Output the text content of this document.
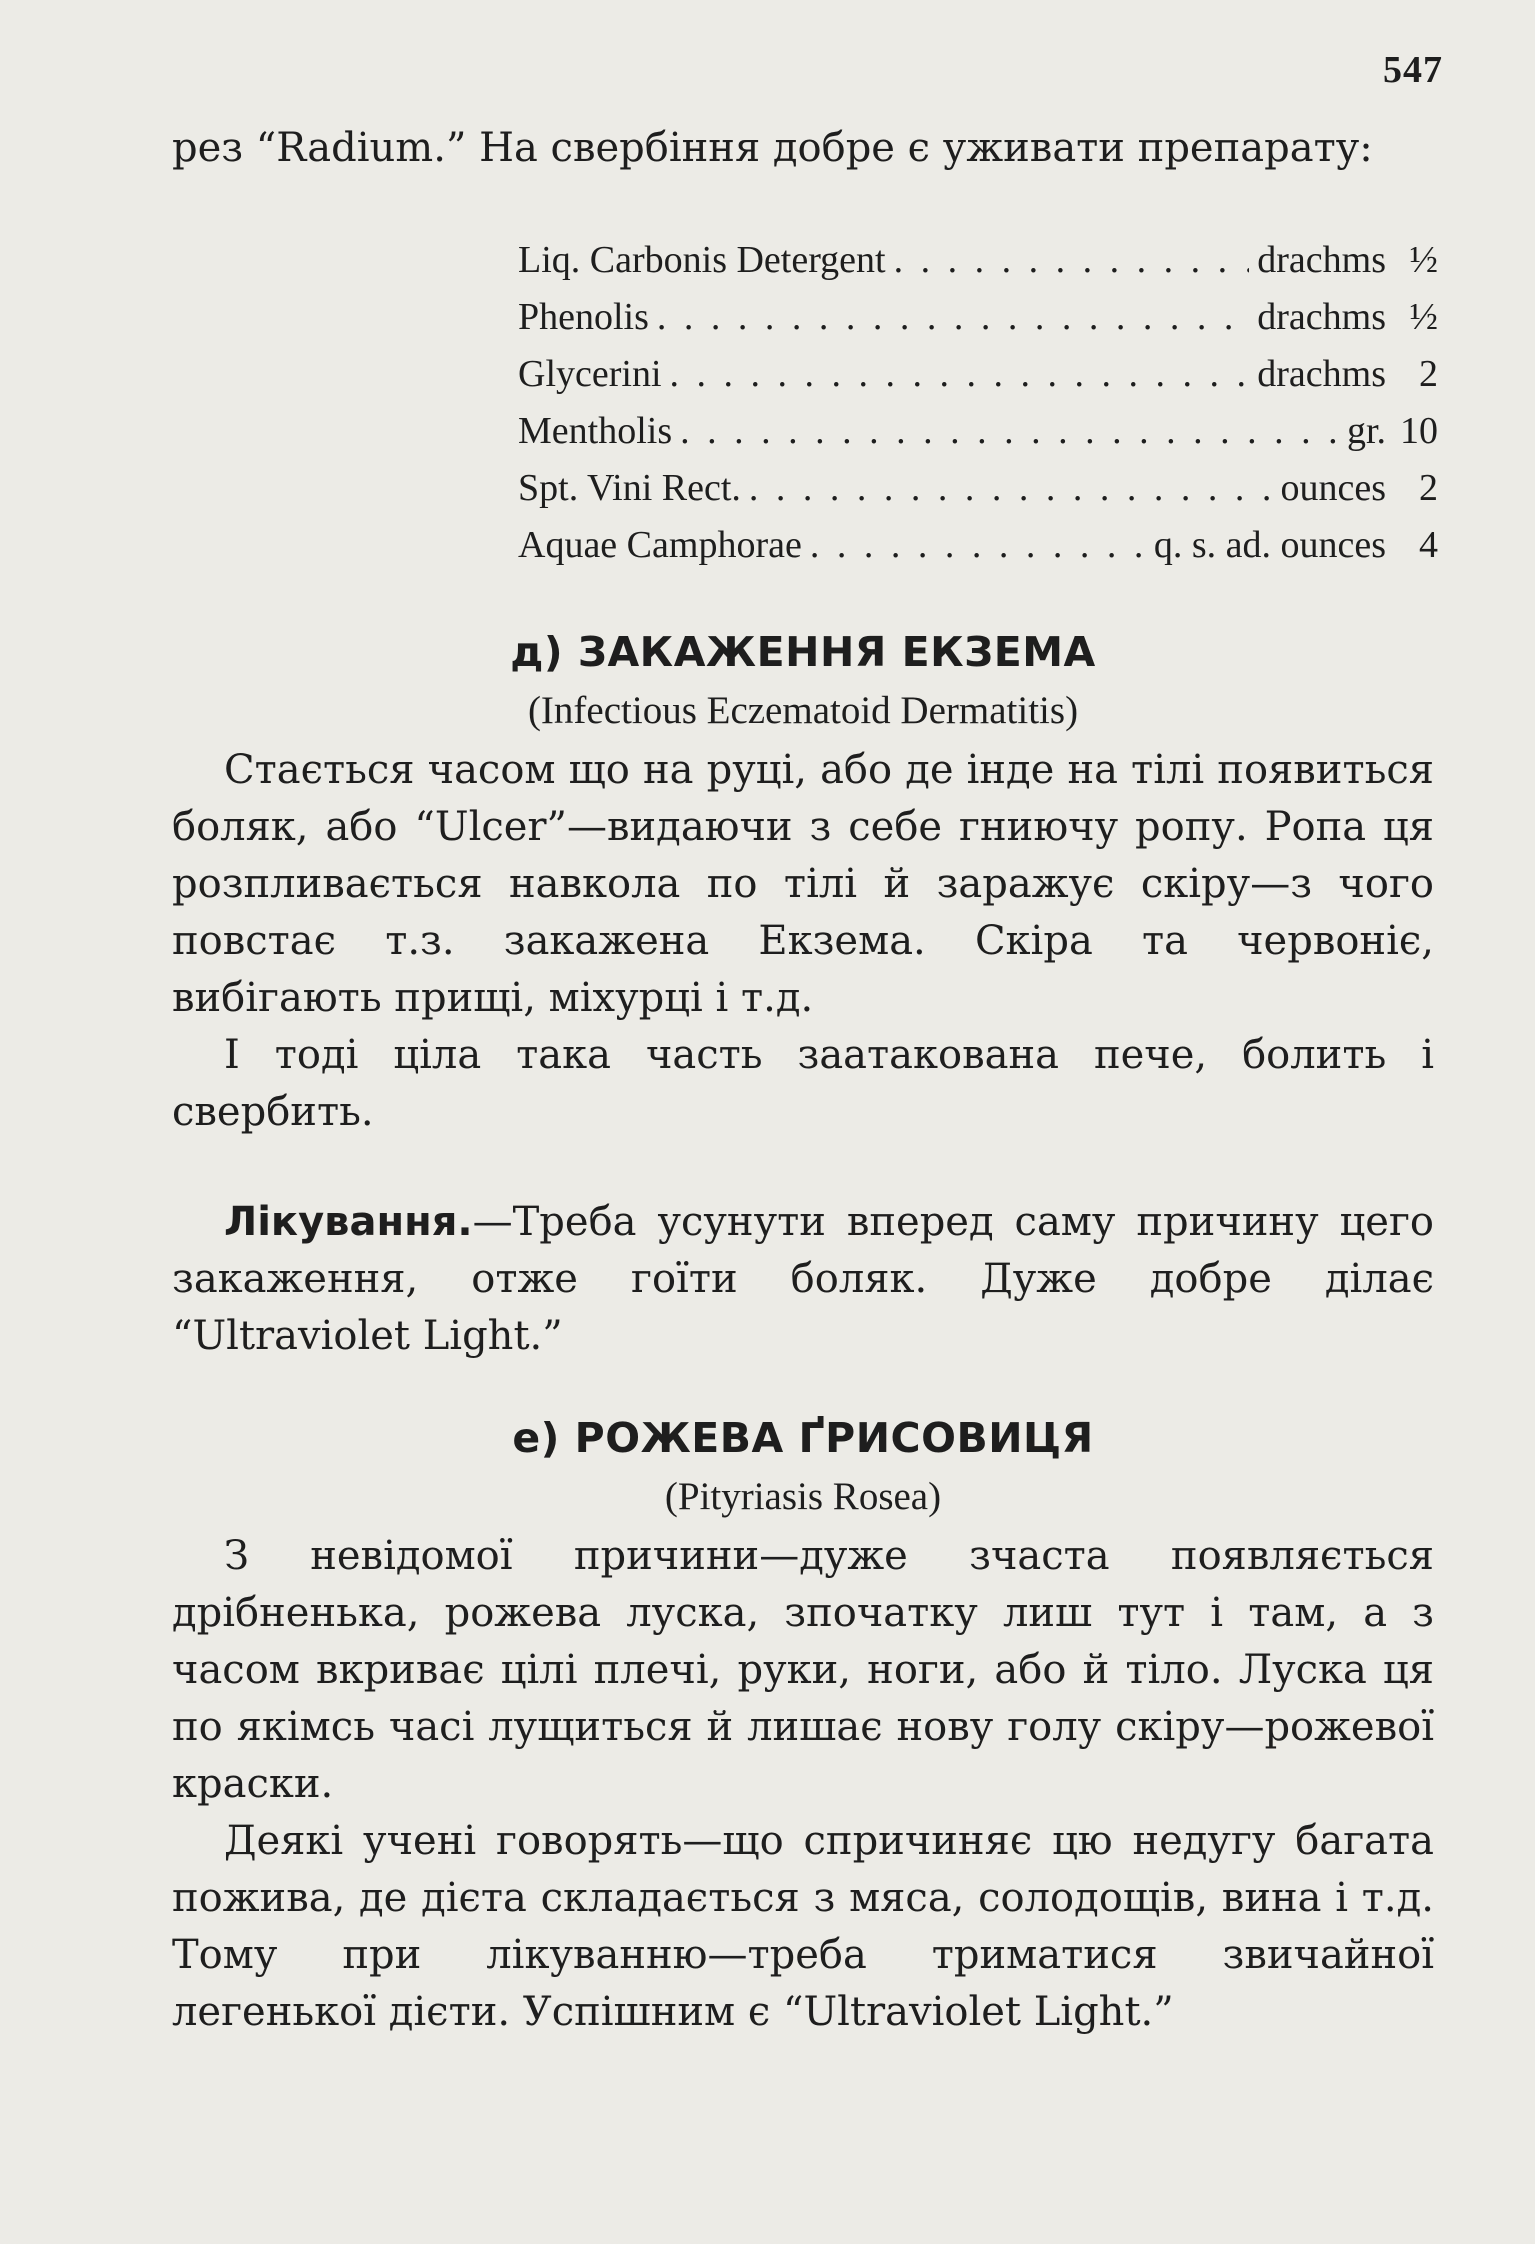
547

рез “Radium.” На свербіння добре є уживати препарату:

Liq. Carbonis Detergent . . .	drachms ½
Phenolis . . .	drachms ½
Glycerini . . .	drachms 2
Mentholis . . .	gr. 10
Spt. Vini Rect. . . .	ounces 2
Aquae Camphorae . . .	q. s. ad. ounces 4
д) ЗАКАЖЕННЯ ЕКЗЕМА
(Infectious Eczematoid Dermatitis)

Стається часом що на руці, або де інде на тілі появиться боляк, або “Ulcer”—видаючи з себе гниючу ропу. Ропа ця розпливається навкола по тілі й заражує скіру—з чого повстає т.з. закажена Екзема. Скіра та червоніє, вибігають прищі, міхурці і т.д.

І тоді ціла така часть заатакована пече, болить і свербить.

Лікування.—Треба усунути вперед саму причину цего закаження, отже гоїти боляк. Дуже добре ділає “Ultraviolet Light.”

е) РОЖЕВА ҐРИСОВИЦЯ
(Pityriasis Rosea)

З невідомої причини—дуже зчаста появляється дрібненька, рожева луска, зпочатку лиш тут і там, а з часом вкриває цілі плечі, руки, ноги, або й тіло. Луска ця по якімсь часі лущиться й лишає нову голу скіру—рожевої краски.

Деякі учені говорять—що спричиняє цю недугу багата пожива, де дієта складається з мяса, солодощів, вина і т.д. Тому при лікуванню—треба триматися звичайної легенької дієти. Успішним є “Ultraviolet Light.”
